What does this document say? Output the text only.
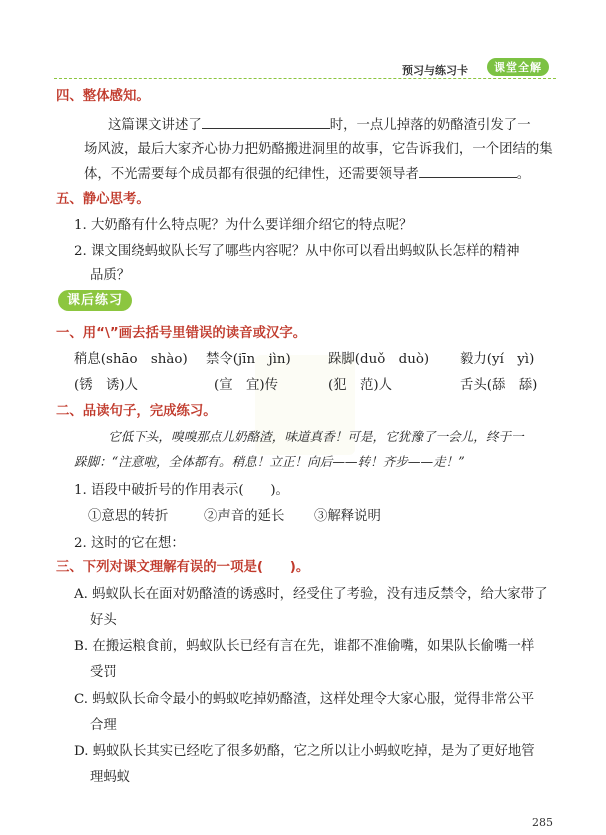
预习与练习卡	课堂全解
四、整体感知。
这篇课文讲述了	时，一点儿掉落的奶酪渣引发了一
场风波，最后大家齐心协力把奶酪搬进洞里的故事，它告诉我们，一个团结的集
体，不光需要每个成员都有很强的纪律性，还需要领导者	。
五、静心思考。
1. 大奶酪有什么特点呢？为什么要详细介绍它的特点呢？
2. 课文围绕蚂蚁队长写了哪些内容呢？从中你可以看出蚂蚁队长怎样的精神
品质？
课后练习
一、用“\”画去括号里错误的读音或汉字。
稍息(shāo　shào) 禁令(jīn　jìn)	跺脚(duǒ　duò) 毅力(yí　yì)
(锈　诱)人	(宣　宜)传	(犯　范)人	舌头(舔　舔)
二、品读句子，完成练习。
它低下头，嗅嗅那点儿奶酪渣，味道真香！可是，它犹豫了一会儿，终于一
跺脚：“注意啦，全体都有。稍息！立正！向后——转！齐步——走！”
1. 语段中破折号的作用表示(　　)。
①意思的转折	②声音的延长 ③解释说明
2. 这时的它在想：
三、下列对课文理解有误的一项是(　　)。
A. 蚂蚁队长在面对奶酪渣的诱惑时，经受住了考验，没有违反禁令，给大家带了
好头
B. 在搬运粮食前，蚂蚁队长已经有言在先，谁都不准偷嘴，如果队长偷嘴一样
受罚
C. 蚂蚁队长命令最小的蚂蚁吃掉奶酪渣，这样处理令大家心服，觉得非常公平
合理
D. 蚂蚁队长其实已经吃了很多奶酪，它之所以让小蚂蚁吃掉，是为了更好地管
理蚂蚁
285
